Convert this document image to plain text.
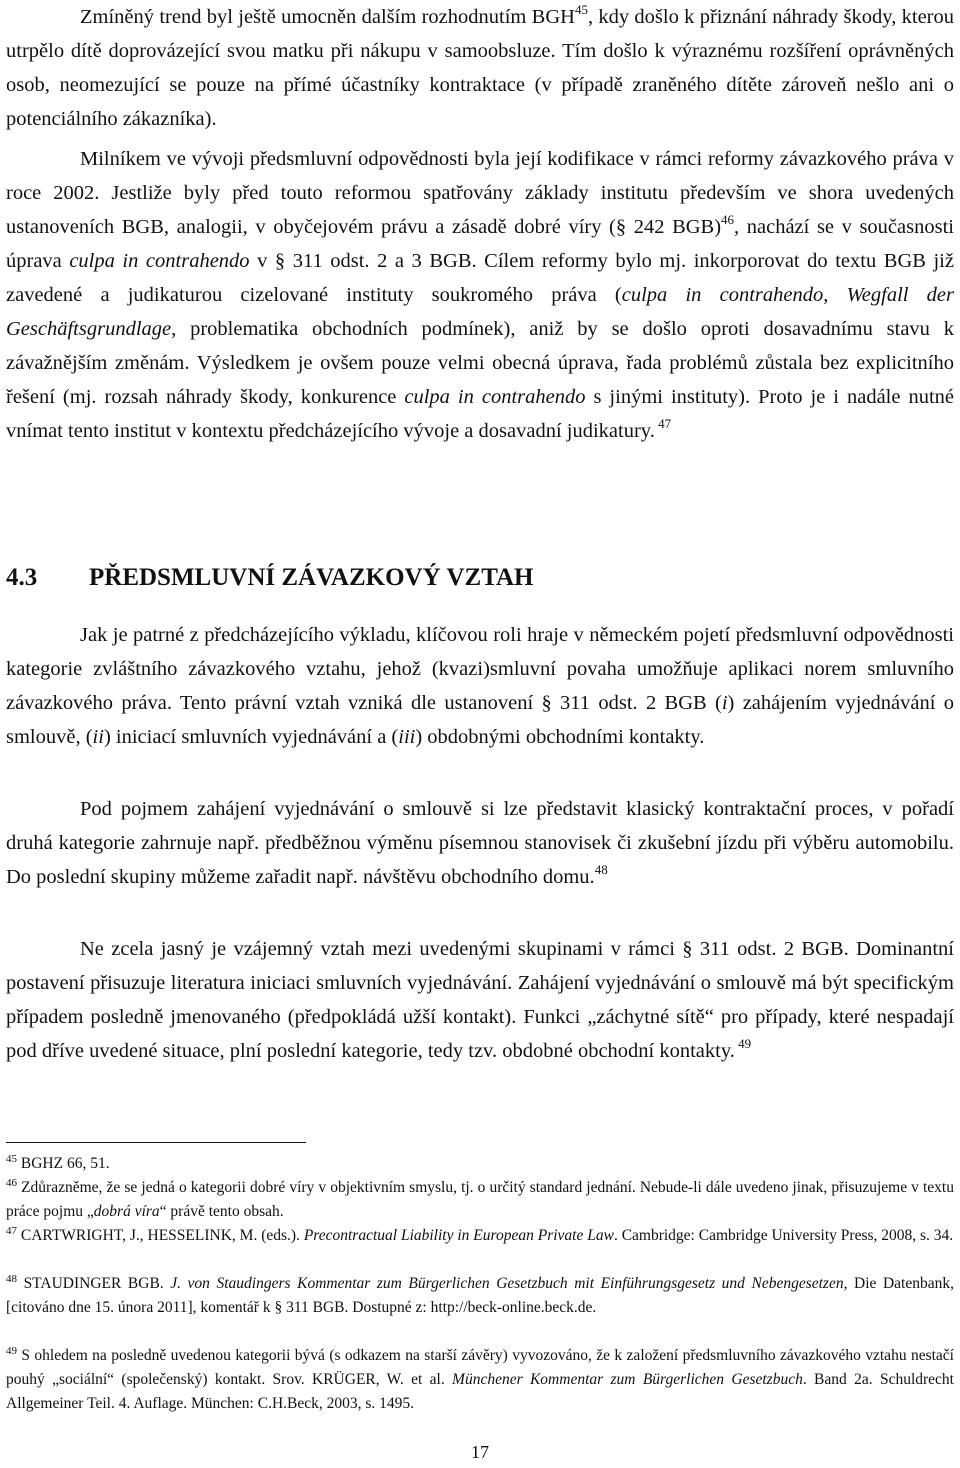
Zmíněný trend byl ještě umocněn dalším rozhodnutím BGH$^{45}$, kdy došlo k přiznání náhrady škody, kterou utrpělo dítě doprovázející svou matku při nákupu v samoobsluze. Tím došlo k výraznému rozšíření oprávněných osob, neomezující se pouze na přímé účastníky kontraktace (v případě zraněného dítěte zároveň nešlo ani o potenciálního zákazníka).

Milníkem ve vývoji předsmluvní odpovědnosti byla její kodifikace v rámci reformy závazkového práva v roce 2002. Jestliže byly před touto reformou spatřovány základy institutu především ve shora uvedených ustanoveních BGB, analogii, v obyčejovém právu a zásadě dobré víry (§ 242 BGB)$^{46}$, nachází se v současnosti úprava culpa in contrahendo v § 311 odst. 2 a 3 BGB. Cílem reformy bylo mj. inkorporovat do textu BGB již zavedené a judikaturou cizelované instituty soukromého práva (culpa in contrahendo, Wegfall der Geschäftsgrundlage, problematika obchodních podmínek), aniž by se došlo oproti dosavadnímu stavu k závažnějším změnám. Výsledkem je ovšem pouze velmi obecná úprava, řada problémů zůstala bez explicitního řešení (mj. rozsah náhrady škody, konkurence culpa in contrahendo s jinými instituty). Proto je i nadále nutné vnímat tento institut v kontextu předcházejícího vývoje a dosavadní judikatury. $^{47}$

4.3 PŘEDSMLUVNÍ ZÁVAZKOVÝ VZTAH

Jak je patrné z předcházejícího výkladu, klíčovou roli hraje v německém pojetí předsmluvní odpovědnosti kategorie zvláštního závazkového vztahu, jehož (kvazi)smluvní povaha umožňuje aplikaci norem smluvního závazkového práva. Tento právní vztah vzniká dle ustanovení § 311 odst. 2 BGB (i) zahájením vyjednávání o smlouvě, (ii) iniciací smluvních vyjednávání a (iii) obdobnými obchodními kontakty.

Pod pojmem zahájení vyjednávání o smlouvě si lze představit klasický kontraktační proces, v pořadí druhá kategorie zahrnuje např. předběžnou výměnu písemnou stanovisek či zkušební jízdu při výběru automobilu. Do poslední skupiny můžeme zařadit např. návštěvu obchodního domu.$^{48}$

Ne zcela jasný je vzájemný vztah mezi uvedenými skupinami v rámci § 311 odst. 2 BGB. Dominantní postavení přisuzuje literatura iniciaci smluvních vyjednávání. Zahájení vyjednávání o smlouvě má být specifickým případem posledně jmenovaného (předpokládá užší kontakt). Funkci „záchytné sítě“ pro případy, které nespadají pod dříve uvedené situace, plní poslední kategorie, tedy tzv. obdobné obchodní kontakty. $^{49}$

$^{45}$ BGHZ 66, 51.

$^{46}$ Zdůrazněme, že se jedná o kategorii dobré víry v objektivním smyslu, tj. o určitý standard jednání. Nebude-li dále uvedeno jinak, přisuzujeme v textu práce pojmu „dobrá víra“ právě tento obsah.

$^{47}$ CARTWRIGHT, J., HESSELINK, M. (eds.). Precontractual Liability in European Private Law. Cambridge: Cambridge University Press, 2008, s. 34.

$^{48}$ STAUDINGER BGB. J. von Staudingers Kommentar zum Bürgerlichen Gesetzbuch mit Einführungsgesetz und Nebengesetzen, Die Datenbank, [citováno dne 15. února 2011], komentář k § 311 BGB. Dostupné z: http://beck-online.beck.de.

$^{49}$ S ohledem na posledně uvedenou kategorii bývá (s odkazem na starší závěry) vyvozováno, že k založení předsmluvního závazkového vztahu nestačí pouhý „sociální“ (společenský) kontakt. Srov. KRÜGER, W. et al. Münchener Kommentar zum Bürgerlichen Gesetzbuch. Band 2a. Schuldrecht Allgemeiner Teil. 4. Auflage. München: C.H.Beck, 2003, s. 1495.

17
